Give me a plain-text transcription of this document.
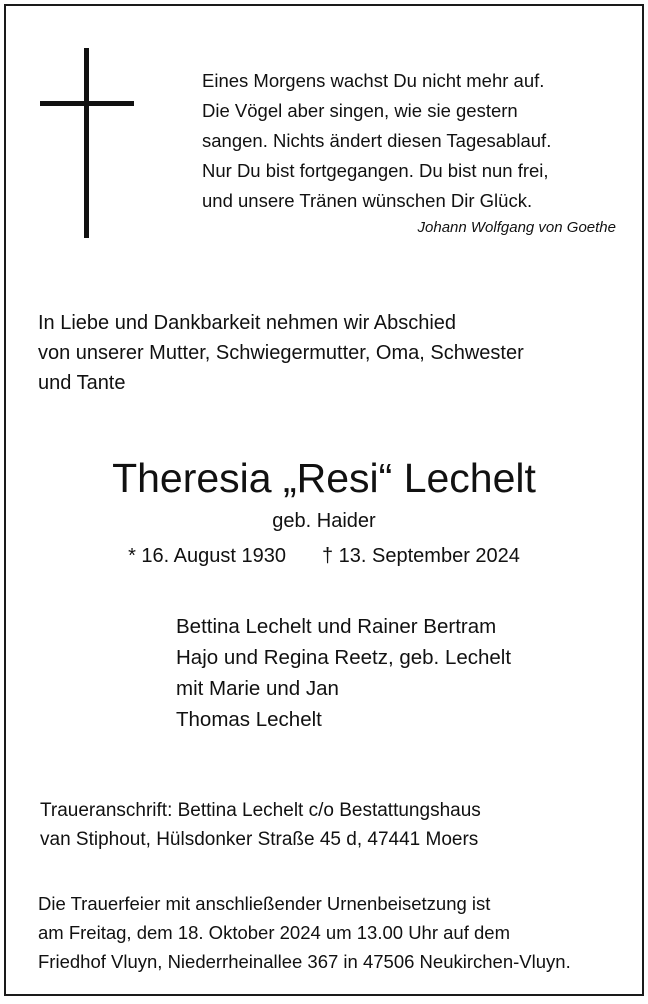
Eines Morgens wachst Du nicht mehr auf.
Die Vögel aber singen, wie sie gestern
sangen. Nichts ändert diesen Tagesablauf.
Nur Du bist fortgegangen. Du bist nun frei,
und unsere Tränen wünschen Dir Glück.
Johann Wolfgang von Goethe
In Liebe und Dankbarkeit nehmen wir Abschied
von unserer Mutter, Schwiegermutter, Oma, Schwester
und Tante
Theresia „Resi“ Lechelt
geb. Haider
* 16. August 1930 † 13. September 2024
Bettina Lechelt und Rainer Bertram
Hajo und Regina Reetz, geb. Lechelt
mit Marie und Jan
Thomas Lechelt
Traueranschrift: Bettina Lechelt c/o Bestattungshaus
van Stiphout, Hülsdonker Straße 45 d, 47441 Moers
Die Trauerfeier mit anschließender Urnenbeisetzung ist
am Freitag, dem 18. Oktober 2024 um 13.00 Uhr auf dem
Friedhof Vluyn, Niederrheinallee 367 in 47506 Neukirchen-Vluyn.
